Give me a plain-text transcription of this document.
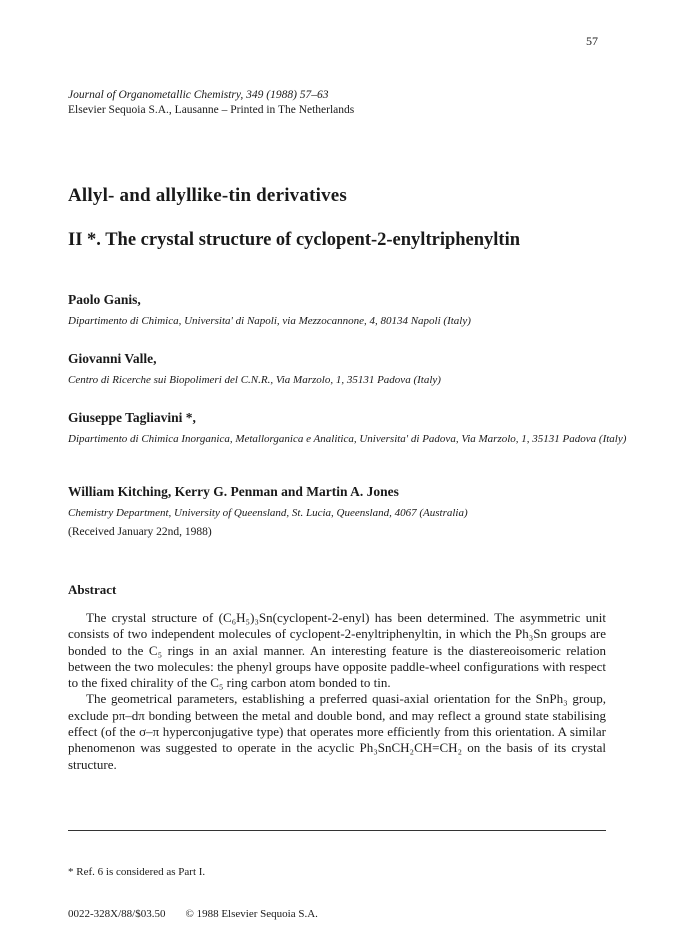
57
Journal of Organometallic Chemistry, 349 (1988) 57–63
Elsevier Sequoia S.A., Lausanne – Printed in The Netherlands
Allyl- and allyllike-tin derivatives
II *. The crystal structure of cyclopent-2-enyltriphenyltin
Paolo Ganis,
Dipartimento di Chimica, Universita' di Napoli, via Mezzocannone, 4, 80134 Napoli (Italy)
Giovanni Valle,
Centro di Ricerche sui Biopolimeri del C.N.R., Via Marzolo, 1, 35131 Padova (Italy)
Giuseppe Tagliavini *,
Dipartimento di Chimica Inorganica, Metallorganica e Analitica, Universita' di Padova, Via Marzolo, 1, 35131 Padova (Italy)
William Kitching, Kerry G. Penman and Martin A. Jones
Chemistry Department, University of Queensland, St. Lucia, Queensland, 4067 (Australia)
(Received January 22nd, 1988)
Abstract

The crystal structure of (C₆H₅)₃Sn(cyclopent-2-enyl) has been determined. The asymmetric unit consists of two independent molecules of cyclopent-2-enyltriphenyltin, in which the Ph₃Sn groups are bonded to the C₅ rings in an axial manner. An interesting feature is the diastereoisomeric relation between the two molecules: the phenyl groups have opposite paddle-wheel configurations with respect to the fixed chirality of the C₅ ring carbon atom bonded to tin.

The geometrical parameters, establishing a preferred quasi-axial orientation for the SnPh₃ group, exclude pπ–dπ bonding between the metal and double bond, and may reflect a ground state stabilising effect (of the σ–π hyperconjugative type) that operates more efficiently from this orientation. A similar phenomenon was suggested to operate in the acyclic Ph₃SnCH₂CH=CH₂ on the basis of its crystal structure.

* Ref. 6 is considered as Part I.
0022-328X/88/$03.50 © 1988 Elsevier Sequoia S.A.
